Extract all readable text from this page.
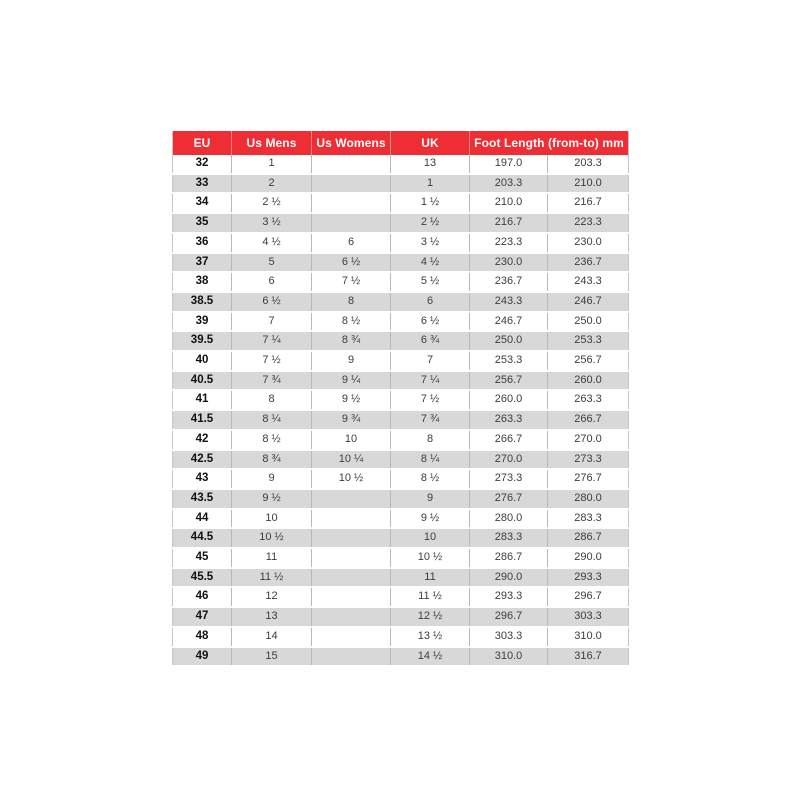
EU	Us Mens	Us Womens	UK	Foot Length (from-to) mm	
32	1		13	197.0	203.3
33	2		1	203.3	210.0
34	2 ½		1 ½	210.0	216.7
35	3 ½		2 ½	216.7	223.3
36	4 ½	6	3 ½	223.3	230.0
37	5	6 ½	4 ½	230.0	236.7
38	6	7 ½	5 ½	236.7	243.3
38.5	6 ½	8	6	243.3	246.7
39	7	8 ½	6 ½	246.7	250.0
39.5	7 ¼	8 ¾	6 ¾	250.0	253.3
40	7 ½	9	7	253.3	256.7
40.5	7 ¾	9 ¼	7 ¼	256.7	260.0
41	8	9 ½	7 ½	260.0	263.3
41.5	8 ¼	9 ¾	7 ¾	263.3	266.7
42	8 ½	10	8	266.7	270.0
42.5	8 ¾	10 ¼	8 ¼	270.0	273.3
43	9	10 ½	8 ½	273.3	276.7
43.5	9 ½		9	276.7	280.0
44	10		9 ½	280.0	283.3
44.5	10 ½		10	283.3	286.7
45	11		10 ½	286.7	290.0
45.5	11 ½		11	290.0	293.3
46	12		11 ½	293.3	296.7
47	13		12 ½	296.7	303.3
48	14		13 ½	303.3	310.0
49	15		14 ½	310.0	316.7
